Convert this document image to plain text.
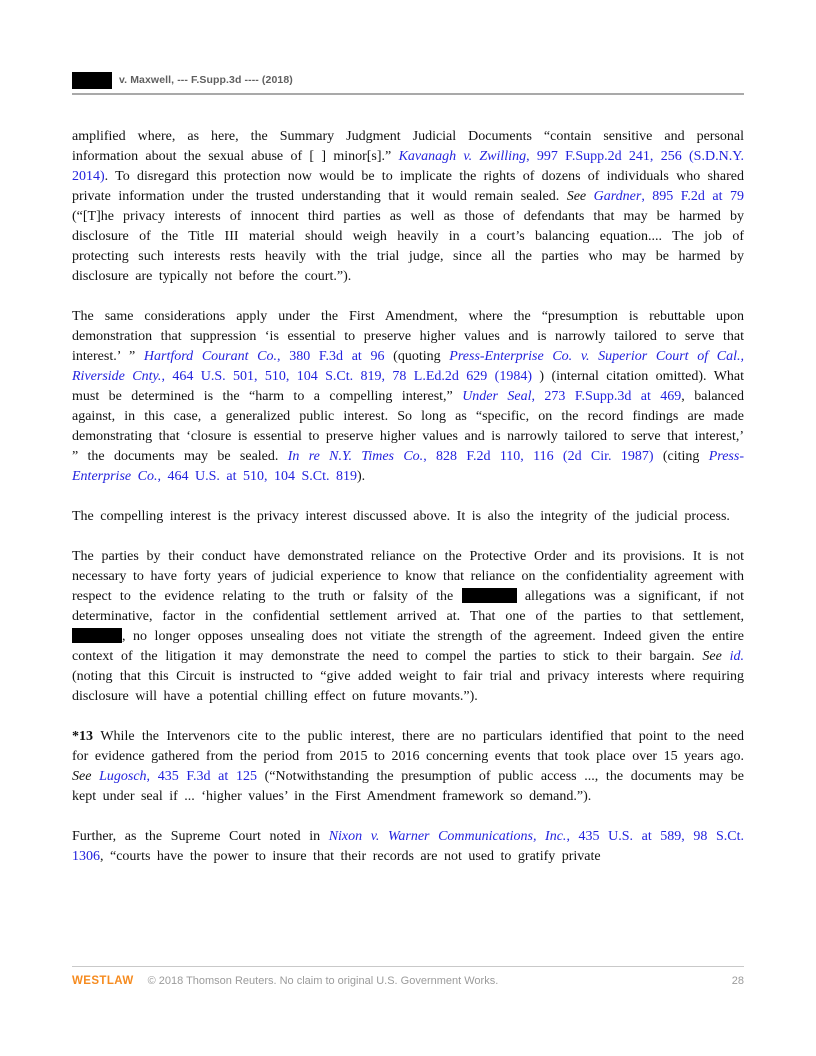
v. Maxwell, --- F.Supp.3d ---- (2018)

amplified where, as here, the Summary Judgment Judicial Documents “contain sensitive and personal information about the sexual abuse of [ ] minor[s].” Kavanagh v. Zwilling, 997 F.Supp.2d 241, 256 (S.D.N.Y. 2014). To disregard this protection now would be to implicate the rights of dozens of individuals who shared private information under the trusted understanding that it would remain sealed. See Gardner, 895 F.2d at 79 (“[T]he privacy interests of innocent third parties as well as those of defendants that may be harmed by disclosure of the Title III material should weigh heavily in a court’s balancing equation.... The job of protecting such interests rests heavily with the trial judge, since all the parties who may be harmed by disclosure are typically not before the court.”).

The same considerations apply under the First Amendment, where the “presumption is rebuttable upon demonstration that suppression ‘is essential to preserve higher values and is narrowly tailored to serve that interest.’ ” Hartford Courant Co., 380 F.3d at 96 (quoting Press-Enterprise Co. v. Superior Court of Cal., Riverside Cnty., 464 U.S. 501, 510, 104 S.Ct. 819, 78 L.Ed.2d 629 (1984) ) (internal citation omitted). What must be determined is the “harm to a compelling interest,” Under Seal, 273 F.Supp.3d at 469, balanced against, in this case, a generalized public interest. So long as “specific, on the record findings are made demonstrating that ‘closure is essential to preserve higher values and is narrowly tailored to serve that interest,’ ” the documents may be sealed. In re N.Y. Times Co., 828 F.2d 110, 116 (2d Cir. 1987) (citing Press-Enterprise Co., 464 U.S. at 510, 104 S.Ct. 819).

The compelling interest is the privacy interest discussed above. It is also the integrity of the judicial process.

The parties by their conduct have demonstrated reliance on the Protective Order and its provisions. It is not necessary to have forty years of judicial experience to know that reliance on the confidentiality agreement with respect to the evidence relating to the truth or falsity of the	allegations was a significant, if not determinative, factor in the confidential settlement arrived at. That one of the parties to that settlement, , no longer opposes unsealing does not vitiate the strength of the agreement. Indeed given the entire context of the litigation it may demonstrate the need to compel the parties to stick to their bargain. See id. (noting that this Circuit is instructed to “give added weight to fair trial and privacy interests where requiring disclosure will have a potential chilling effect on future movants.”).

*13 While the Intervenors cite to the public interest, there are no particulars identified that point to the need for evidence gathered from the period from 2015 to 2016 concerning events that took place over 15 years ago. See Lugosch, 435 F.3d at 125 (“Notwithstanding the presumption of public access ..., the documents may be kept under seal if ... ‘higher values’ in the First Amendment framework so demand.”).

Further, as the Supreme Court noted in Nixon v. Warner Communications, Inc., 435 U.S. at 589, 98 S.Ct. 1306, “courts have the power to insure that their records are not used to gratify private

WESTLAW © 2018 Thomson Reuters. No claim to original U.S. Government Works.	28
